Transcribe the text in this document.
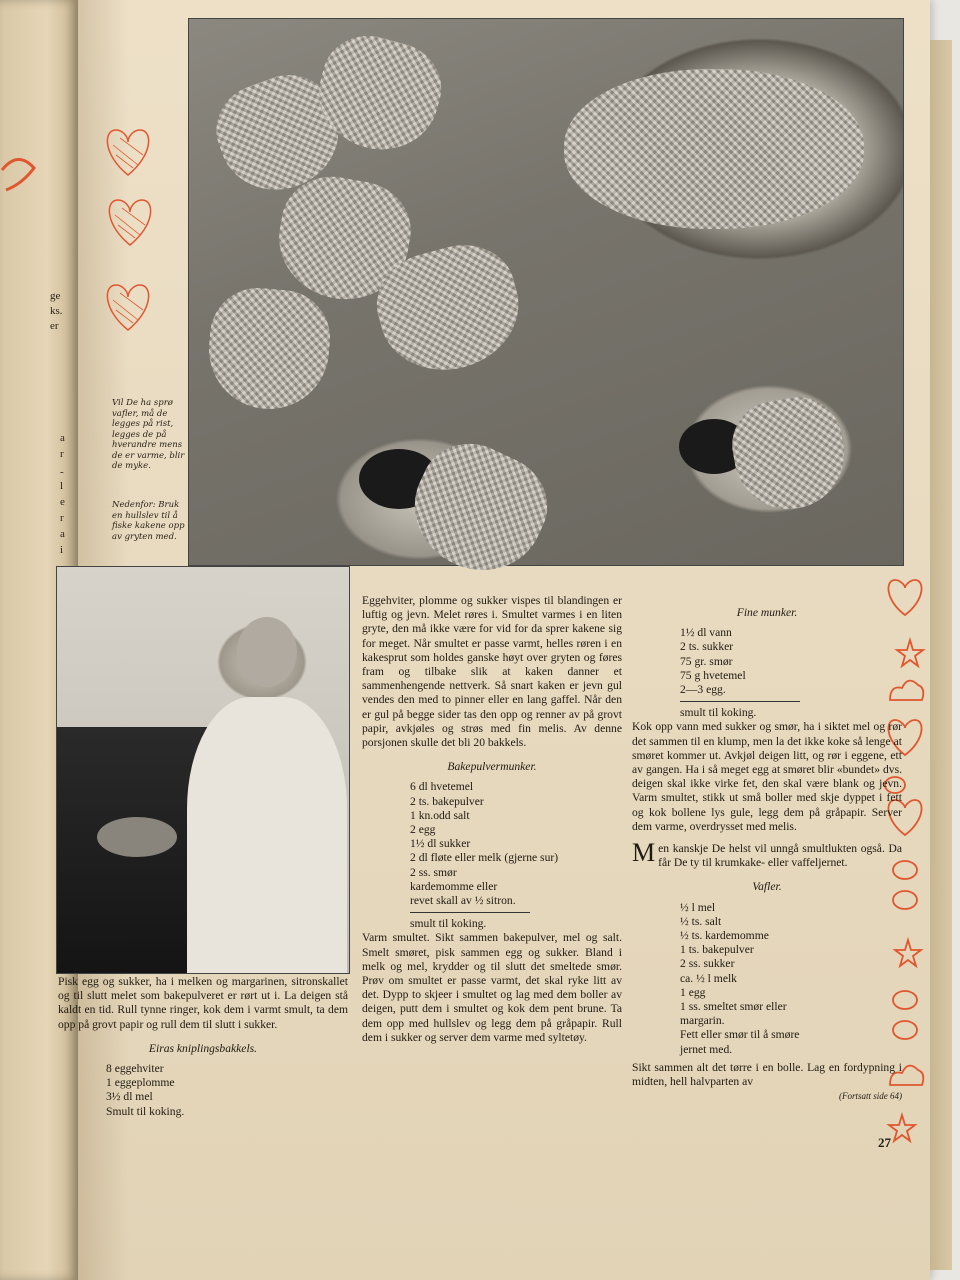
ge
ks.
er
a
r
-
l
e
r
a
i
Vil De ha sprø vafler, må de legges på rist, legges de på hverandre mens de er varme, blir de myke.
Nedenfor: Bruk en hullslev til å fiske kakene opp av gryten med.

Pisk egg og sukker, ha i melken og margarinen, sitronskallet og til slutt melet som bakepulveret er rørt ut i. La deigen stå kaldt en tid. Rull tynne ringer, kok dem i varmt smult, ta dem opp på grovt papir og rull dem til slutt i sukker.

Eiras kniplingsbakkels.
8 eggehviter
1 eggeplomme
3½ dl mel
Smult til koking.

Eggehviter, plomme og sukker vispes til blandingen er luftig og jevn. Melet røres i. Smultet varmes i en liten gryte, den må ikke være for vid for da sprer kakene sig for meget. Når smultet er passe varmt, helles røren i en kakesprut som holdes ganske høyt over gryten og føres fram og tilbake slik at kaken danner et sammenhengende nettverk. Så snart kaken er jevn gul vendes den med to pinner eller en lang gaffel. Når den er gul på begge sider tas den opp og renner av på grovt papir, avkjøles og strøs med fin melis. Av denne porsjonen skulle det bli 20 bakkels.

Bakepulvermunker.
6 dl hvetemel
2 ts. bakepulver
1 kn.odd salt
2 egg
1½ dl sukker
2 dl fløte eller melk (gjerne sur)
2 ss. smør
kardemomme eller
revet skall av ½ sitron.
smult til koking.

Varm smultet. Sikt sammen bakepulver, mel og salt. Smelt smøret, pisk sammen egg og sukker. Bland i melk og mel, krydder og til slutt det smeltede smør. Prøv om smultet er passe varmt, det skal ryke litt av det. Dypp to skjeer i smultet og lag med dem boller av deigen, putt dem i smultet og kok dem pent brune. Ta dem opp med hullslev og legg dem på gråpapir. Rull dem i sukker og server dem varme med syltetøy.

Fine munker.
1½ dl vann
2 ts. sukker
75 gr. smør
75 g hvetemel
2—3 egg.
smult til koking.

Kok opp vann med sukker og smør, ha i siktet mel og rør det sammen til en klump, men la det ikke koke så lenge at smøret kommer ut. Avkjøl deigen litt, og rør i eggene, ett av gangen. Ha i så meget egg at smøret blir «bundet» dvs. deigen skal ikke virke fet, den skal være blank og jevn. Varm smultet, stikk ut små boller med skje dyppet i fett og kok bollene lys gule, legg dem på gråpapir. Server dem varme, overdrysset med melis.

Men kanskje De helst vil unngå smultlukten også. Da får De ty til krumkake- eller vaffeljernet.

Vafler.
½ l mel
½ ts. salt
½ ts. kardemomme
1 ts. bakepulver
2 ss. sukker
ca. ½ l melk
1 egg
1 ss. smeltet smør eller
margarin.
Fett eller smør til å smøre
jernet med.

Sikt sammen alt det tørre i en bolle. Lag en fordypning i midten, hell halvparten av

(Fortsatt side 64)
27
